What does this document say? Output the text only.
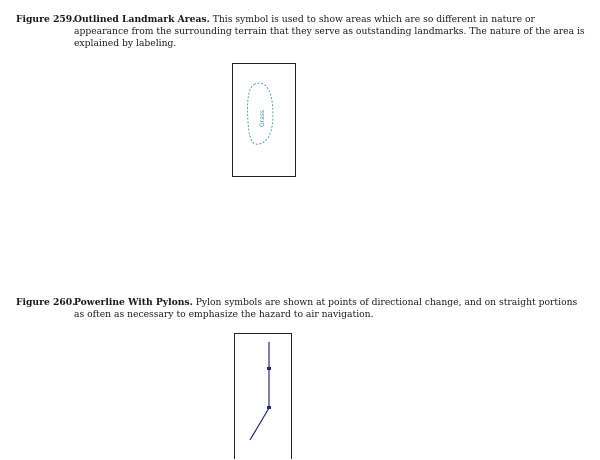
Figure 259.
Outlined Landmark Areas. This symbol is used to show areas which are so different in nature or appearance from the surrounding terrain that they serve as outstanding landmarks. The nature of the area is explained by labeling.
Grass
Figure 260.
Powerline With Pylons. Pylon symbols are shown at points of directional change, and on straight portions as often as necessary to emphasize the hazard to air navigation.
